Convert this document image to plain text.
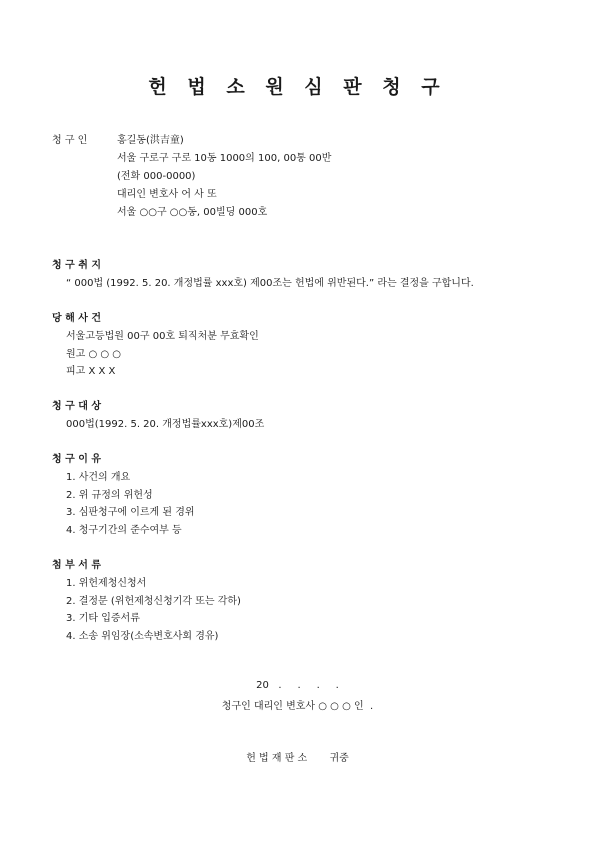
헌 법 소 원 심 판 청 구
청 구 인	홍길동(洪吉童)
서울 구로구 구로 10동 1000의 100, 00통 00반
(전화 000-0000)
대리인 변호사 어 사 또
서울 ○○구 ○○동, 00빌딩 000호
청 구 취 지
“ 000법 (1992. 5. 20. 개정법률 xxx호) 제00조는 헌법에 위반된다.” 라는 결정을 구합니다.
당 해 사 건
서울고등법원 00구 00호 퇴직처분 무효확인
원고 ○ ○ ○
피고 X X X
청 구 대 상
000법(1992. 5. 20. 개정법률xxx호)제00조
청 구 이 유
1. 사건의 개요
2. 위 규정의 위헌성
3. 심판청구에 이르게 된 경위
4. 청구기간의 준수여부 등
첨 부 서 류
1. 위헌제청신청서
2. 결정문 (위헌제청신청기각 또는 각하)
3. 기타 입증서류
4. 소송 위임장(소속변호사회 경유)
20   .     .     .     .
청구인 대리인 변호사 ○ ○ ○ 인  .
헌 법 재 판 소       귀중
